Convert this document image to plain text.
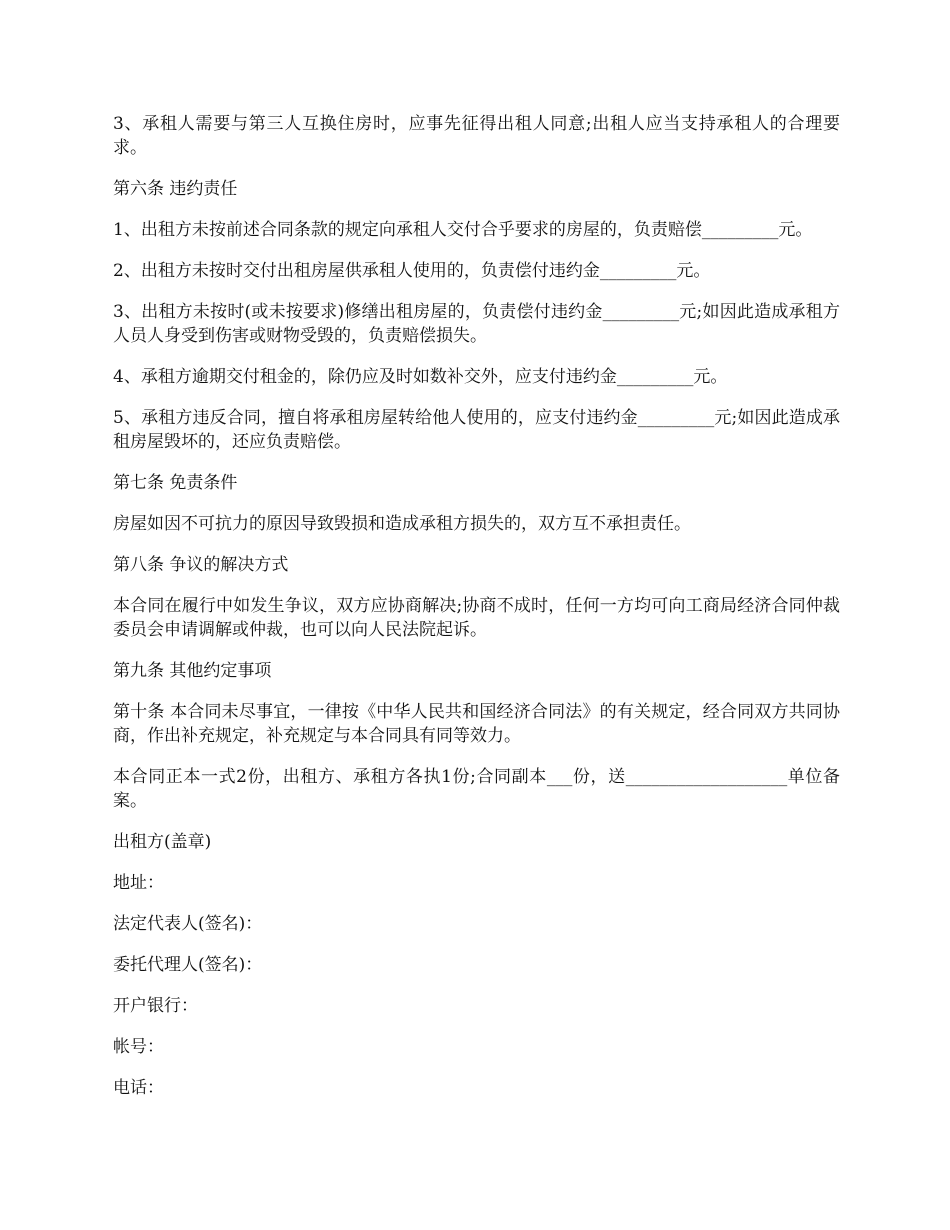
3、承租人需要与第三人互换住房时，应事先征得出租人同意;出租人应当支持承租人的合理要求。

第六条 违约责任

1、出租方未按前述合同条款的规定向承租人交付合乎要求的房屋的，负责赔偿_________元。

2、出租方未按时交付出租房屋供承租人使用的，负责偿付违约金_________元。

3、出租方未按时(或未按要求)修缮出租房屋的，负责偿付违约金_________元;如因此造成承租方人员人身受到伤害或财物受毁的，负责赔偿损失。

4、承租方逾期交付租金的，除仍应及时如数补交外，应支付违约金_________元。

5、承租方违反合同，擅自将承租房屋转给他人使用的，应支付违约金_________元;如因此造成承租房屋毁坏的，还应负责赔偿。

第七条 免责条件

房屋如因不可抗力的原因导致毁损和造成承租方损失的，双方互不承担责任。

第八条 争议的解决方式

本合同在履行中如发生争议，双方应协商解决;协商不成时，任何一方均可向工商局经济合同仲裁委员会申请调解或仲裁，也可以向人民法院起诉。

第九条 其他约定事项

第十条 本合同未尽事宜，一律按《中华人民共和国经济合同法》的有关规定，经合同双方共同协商，作出补充规定，补充规定与本合同具有同等效力。

本合同正本一式2份，出租方、承租方各执1份;合同副本___份，送___________________单位备案。

出租方(盖章)

地址：

法定代表人(签名)：

委托代理人(签名)：

开户银行：

帐号：

电话：
